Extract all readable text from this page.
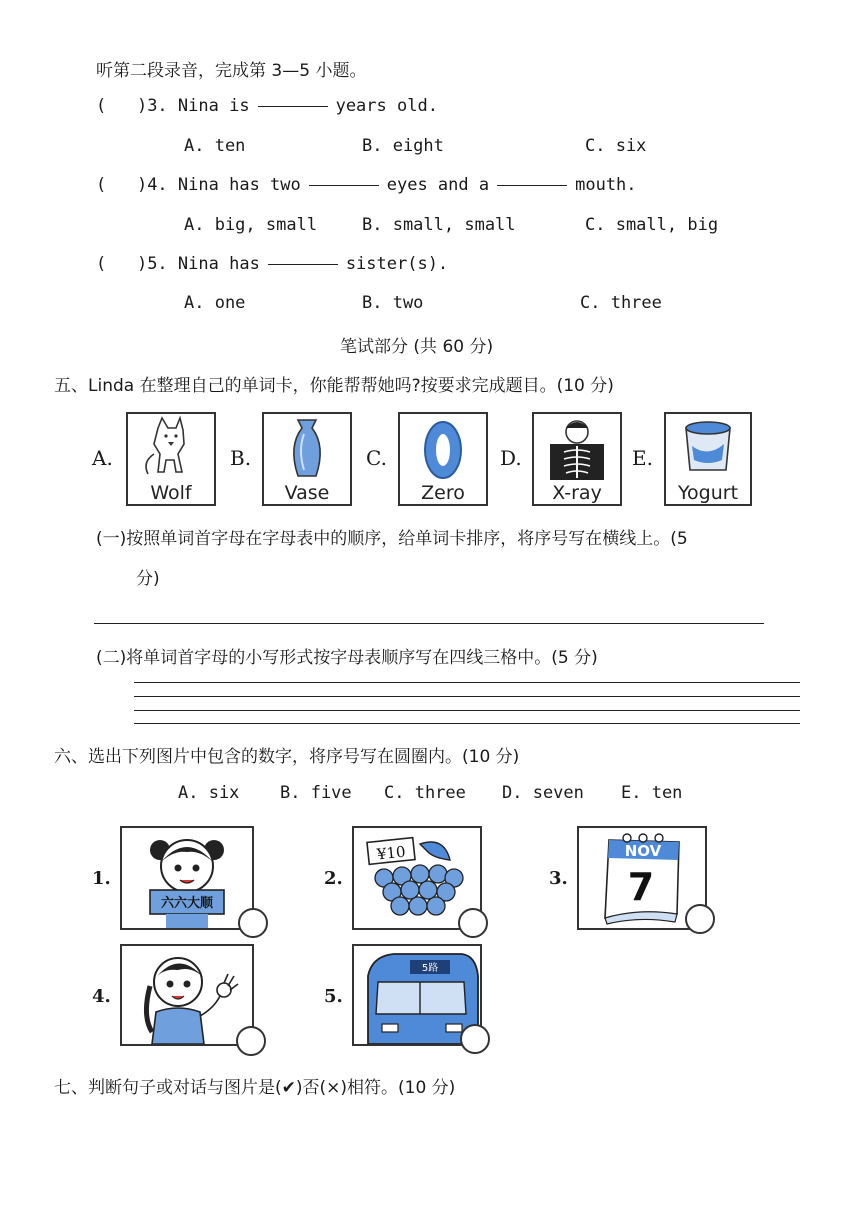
听第二段录音，完成第 3—5 小题。
(   )3. Nina is	years old.
A. ten	B. eight	C. six
(   )4. Nina has two	eyes and a	mouth.
A. big, small	B. small, small	C. small, big
(   )5. Nina has	sister(s).
A. one	B. two	C. three
笔试部分 (共 60 分)
五、Linda 在整理自己的单词卡，你能帮帮她吗?按要求完成题目。(10 分)
A.
Wolf
B.
Vase
C.
Zero
D.
X-ray
E.
Yogurt
(一)按照单词首字母在字母表中的顺序，给单词卡排序，将序号写在横线上。(5
分)
(二)将单词首字母的小写形式按字母表顺序写在四线三格中。(5 分)
六、选出下列图片中包含的数字，将序号写在圆圈内。(10 分)
A. six B. five C. three D. seven E. ten
1.
六六大顺
2.
¥10
3.
NOV
7
4.	5.
5路
七、判断句子或对话与图片是(✔)否(×)相符。(10 分)
